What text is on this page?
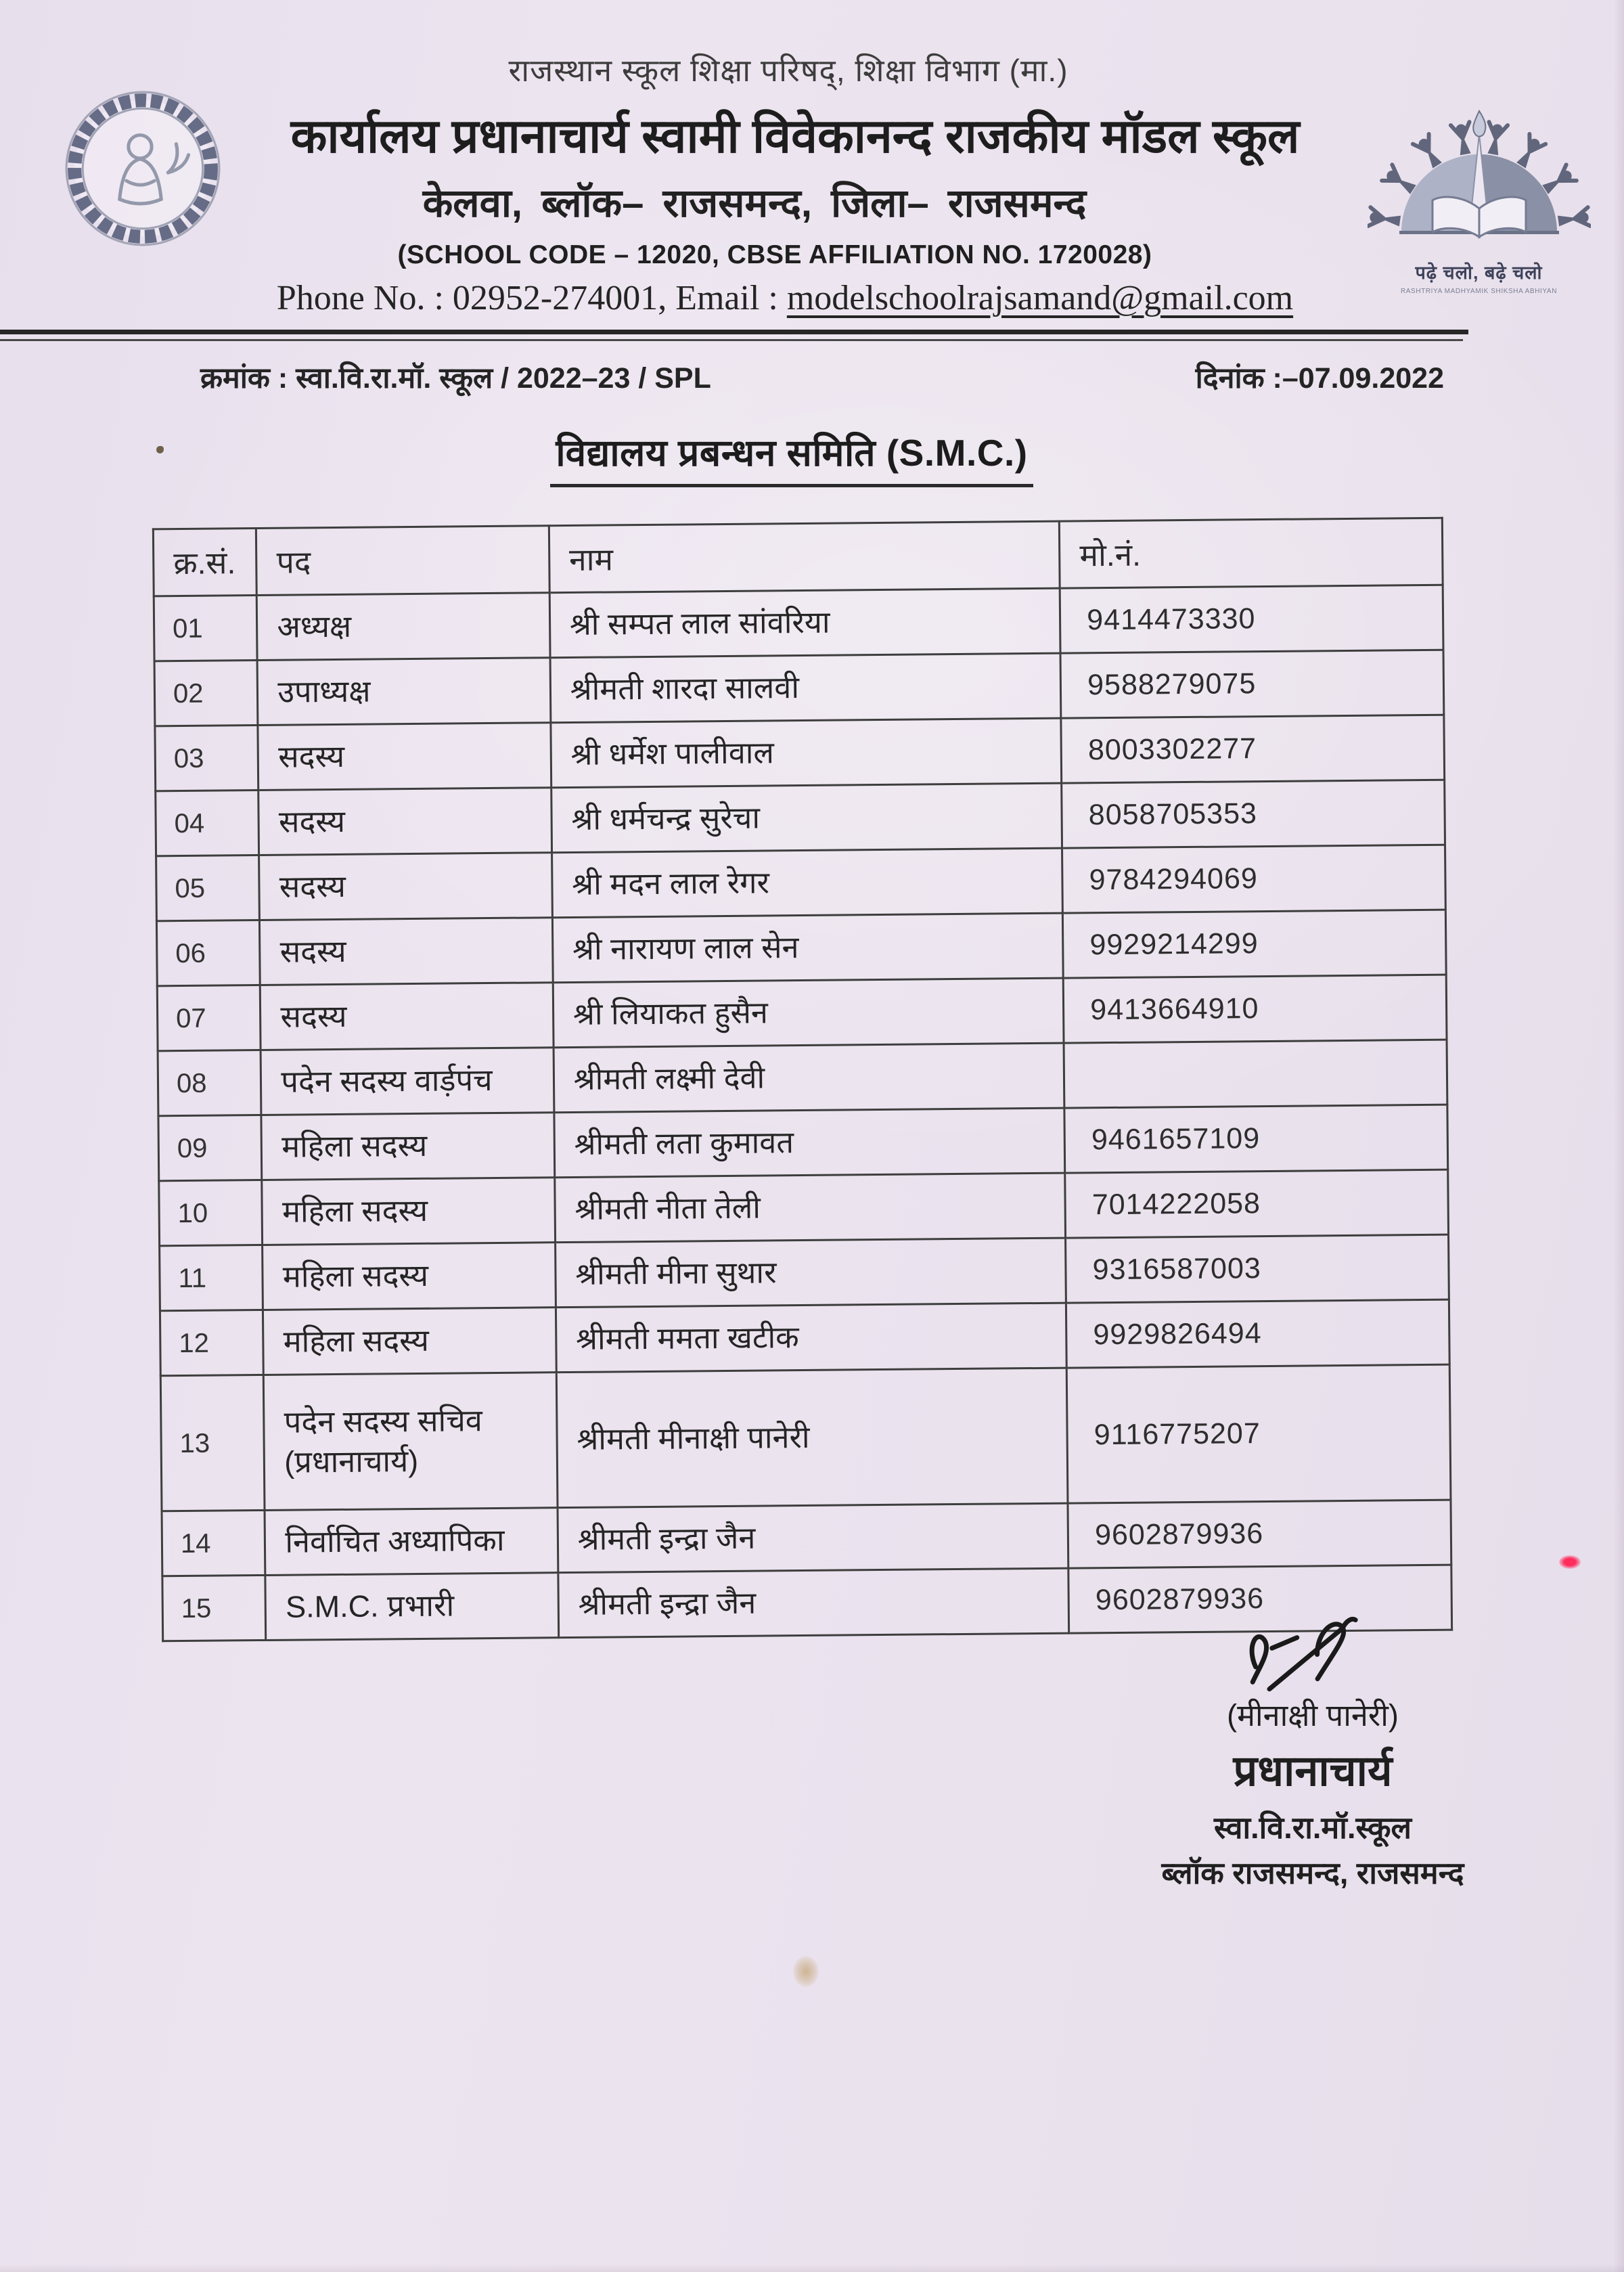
पढ़े चलो, बढ़े चलो
RASHTRIYA MADHYAMIK SHIKSHA ABHIYAN
राजस्थान स्कूल शिक्षा परिषद्, शिक्षा विभाग (मा.)
कार्यालय प्रधानाचार्य स्वामी विवेकानन्द राजकीय मॉडल स्कूल
केलवा, ब्लॉक– राजसमन्द, जिला– राजसमन्द
(SCHOOL CODE – 12020, CBSE AFFILIATION NO. 1720028)
Phone No. : 02952-274001, Email : modelschoolrajsamand@gmail.com
क्रमांक : स्वा.वि.रा.मॉ. स्कूल / 2022–23 / SPL	दिनांक :–07.09.2022
विद्यालय प्रबन्धन समिति (S.M.C.)
क्र.सं.	पद	नाम	मो.नं.
01	अध्यक्ष	श्री सम्पत लाल सांवरिया	9414473330
02	उपाध्यक्ष	श्रीमती शारदा सालवी	9588279075
03	सदस्य	श्री धर्मेश पालीवाल	8003302277
04	सदस्य	श्री धर्मचन्द्र सुरेचा	8058705353
05	सदस्य	श्री मदन लाल रेगर	9784294069
06	सदस्य	श्री नारायण लाल सेन	9929214299
07	सदस्य	श्री लियाकत हुसैन	9413664910
08	पदेन सदस्य वार्ड़पंच	श्रीमती लक्ष्मी देवी	
09	महिला सदस्य	श्रीमती लता कुमावत	9461657109
10	महिला सदस्य	श्रीमती नीता तेली	7014222058
11	महिला सदस्य	श्रीमती मीना सुथार	9316587003
12	महिला सदस्य	श्रीमती ममता खटीक	9929826494
13	पदेन सदस्य सचिव (प्रधानाचार्य)	श्रीमती मीनाक्षी पानेरी	9116775207
14	निर्वाचित अध्यापिका	श्रीमती इन्द्रा जैन	9602879936
15	S.M.C. प्रभारी	श्रीमती इन्द्रा जैन	9602879936
(मीनाक्षी पानेरी)
प्रधानाचार्य
स्वा.वि.रा.मॉ.स्कूल
ब्लॉक राजसमन्द, राजसमन्द
